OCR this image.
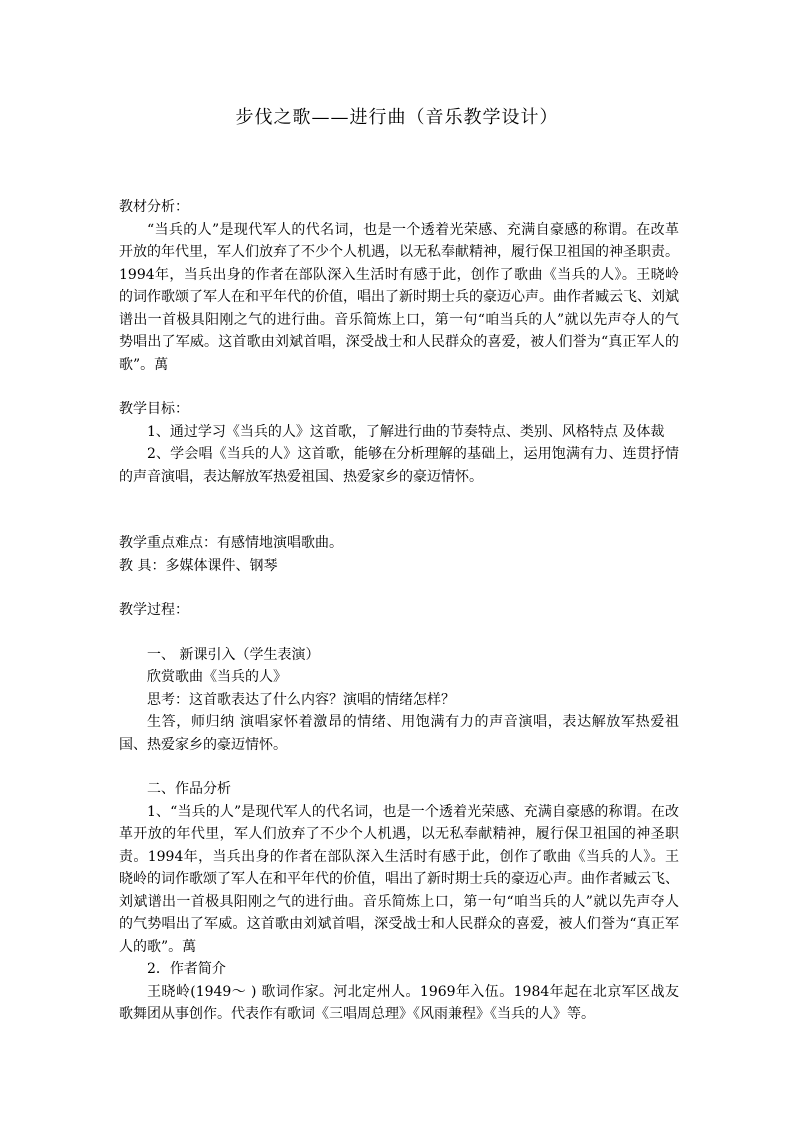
步伐之歌——进行曲（音乐教学设计）

教材分析：

“当兵的人”是现代军人的代名词，也是一个透着光荣感、充满自豪感的称谓。在改革开放的年代里，军人们放弃了不少个人机遇，以无私奉献精神，履行保卫祖国的神圣职责。1994年，当兵出身的作者在部队深入生活时有感于此，创作了歌曲《当兵的人》。王晓岭的词作歌颂了军人在和平年代的价值，唱出了新时期士兵的豪迈心声。曲作者臧云飞、刘斌谱出一首极具阳刚之气的进行曲。音乐简炼上口，第一句“咱当兵的人”就以先声夺人的气势唱出了军威。这首歌由刘斌首唱，深受战士和人民群众的喜爱，被人们誉为“真正军人的歌”。萬

教学目标：

1、通过学习《当兵的人》这首歌，了解进行曲的节奏特点、类别、风格特点 及体裁

2、学会唱《当兵的人》这首歌，能够在分析理解的基础上，运用饱满有力、连贯抒情的声音演唱，表达解放军热爱祖国、热爱家乡的豪迈情怀。

教学重点难点：有感情地演唱歌曲。

教 具：多媒体课件、钢琴

教学过程：

一、 新课引入（学生表演）

欣赏歌曲《当兵的人》

思考：这首歌表达了什么内容？演唱的情绪怎样？

生答，师归纳 演唱家怀着激昂的情绪、用饱满有力的声音演唱，表达解放军热爱祖国、热爱家乡的豪迈情怀。

二、作品分析

1、“当兵的人”是现代军人的代名词，也是一个透着光荣感、充满自豪感的称谓。在改革开放的年代里，军人们放弃了不少个人机遇，以无私奉献精神，履行保卫祖国的神圣职责。1994年，当兵出身的作者在部队深入生活时有感于此，创作了歌曲《当兵的人》。王晓岭的词作歌颂了军人在和平年代的价值，唱出了新时期士兵的豪迈心声。曲作者臧云飞、刘斌谱出一首极具阳刚之气的进行曲。音乐简炼上口，第一句“咱当兵的人”就以先声夺人的气势唱出了军威。这首歌由刘斌首唱，深受战士和人民群众的喜爱，被人们誉为“真正军人的歌”。萬

2．作者简介

王晓岭(1949～ ) 歌词作家。河北定州人。1969年入伍。1984年起在北京军区战友歌舞团从事创作。代表作有歌词《三唱周总理》《风雨兼程》《当兵的人》等。
